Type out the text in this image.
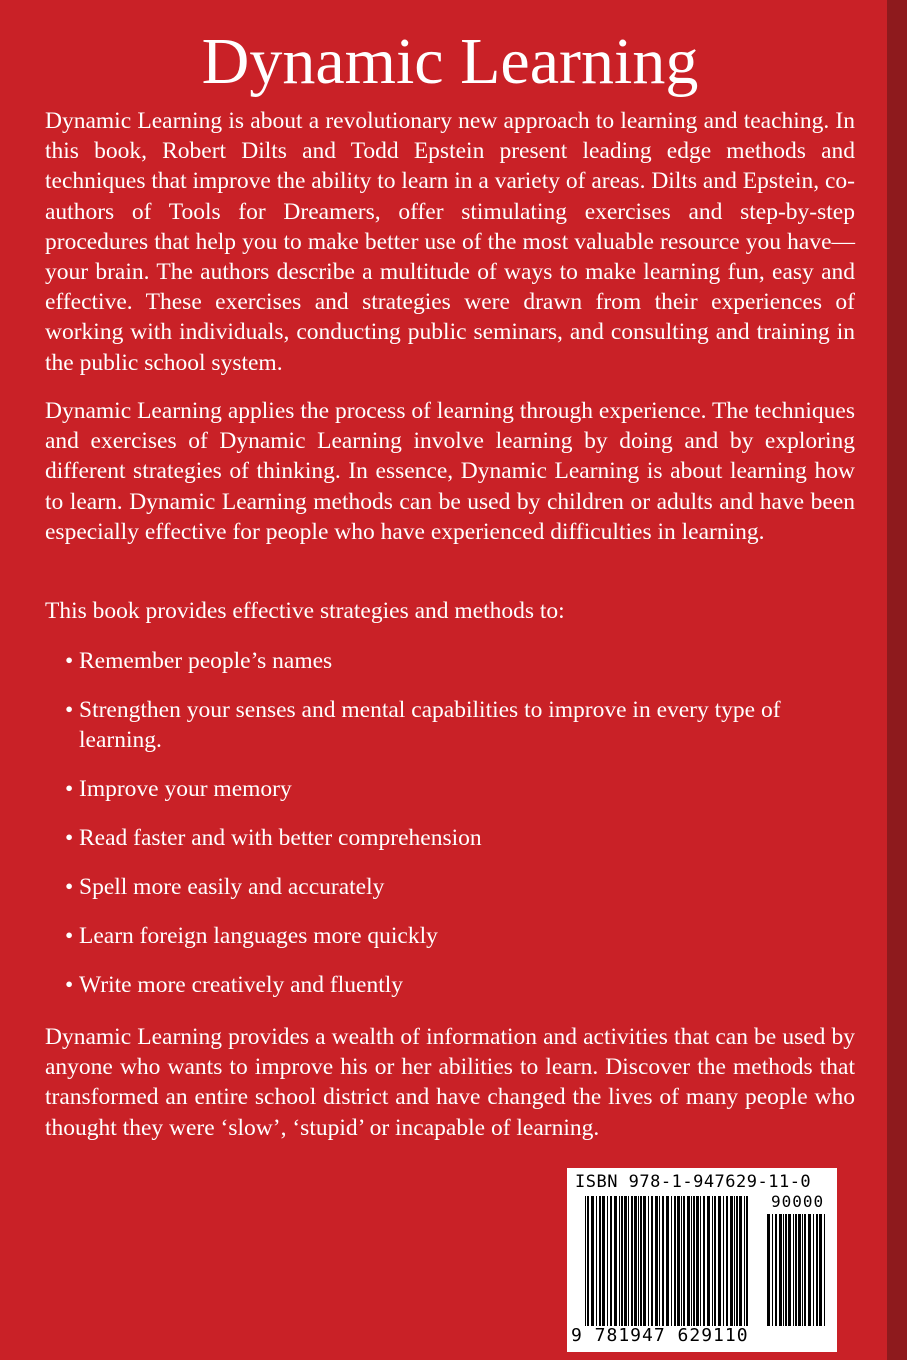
Dynamic Learning

Dynamic Learning is about a revolutionary new approach to learning and teaching. In this book, Robert Dilts and Todd Epstein present leading edge methods and techniques that improve the ability to learn in a variety of areas. Dilts and Epstein, co-authors of Tools for Dreamers, offer stimulating exercises and step-by-step procedures that help you to make better use of the most valuable resource you have—your brain. The authors describe a multitude of ways to make learning fun, easy and effective. These exercises and strategies were drawn from their experiences of working with individuals, conducting public seminars, and consulting and training in the public school system.

Dynamic Learning applies the process of learning through experience. The techniques and exercises of Dynamic Learning involve learning by doing and by exploring different strategies of thinking. In essence, Dynamic Learning is about learning how to learn. Dynamic Learning methods can be used by children or adults and have been especially effective for people who have experienced difficulties in learning.

This book provides effective strategies and methods to:

• Remember people’s names
• Strengthen your senses and mental capabilities to improve in every type of learning.
• Improve your memory
• Read faster and with better comprehension
• Spell more easily and accurately
• Learn foreign languages more quickly
• Write more creatively and fluently

Dynamic Learning provides a wealth of information and activities that can be used by anyone who wants to improve his or her abilities to learn. Discover the methods that transformed an entire school district and have changed the lives of many people who thought they were ‘slow’, ‘stupid’ or incapable of learning.

ISBN 978-1-947629-11-0
90000
9 781947 629110
